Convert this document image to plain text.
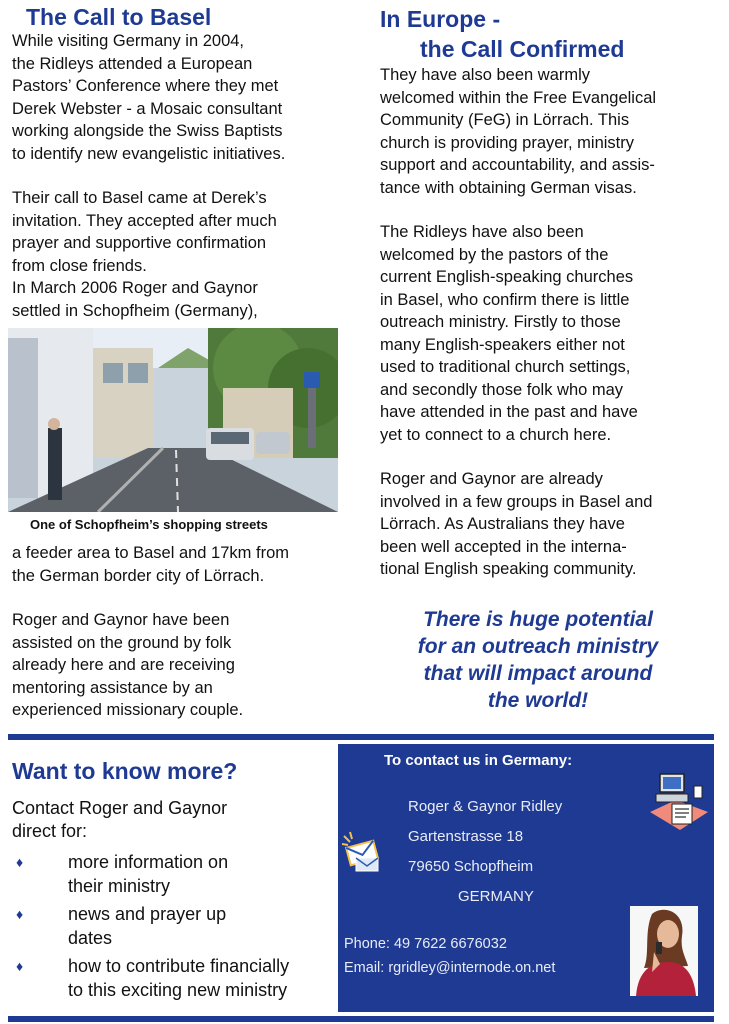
The Call to Basel

While visiting Germany in 2004,
the Ridleys attended a European
Pastors’ Conference where they met
Derek Webster - a Mosaic consultant
working alongside the Swiss Baptists
to identify new evangelistic initiatives.

Their call to Basel came at Derek’s
invitation. They accepted after much
prayer and supportive confirmation
from close friends.
In March 2006 Roger and Gaynor
settled in Schopfheim (Germany),

One of Schopfheim’s shopping streets

a feeder area to Basel and 17km from
the German border city of Lörrach.

Roger and Gaynor have been
assisted on the ground by folk
already here and are receiving
mentoring assistance by an
experienced missionary couple.

In Europe -
the Call Confirmed

They have also been warmly
welcomed within the Free Evangelical
Community (FeG) in Lörrach. This
church is providing prayer, ministry
support and accountability, and assis-
tance with obtaining German visas.

The Ridleys have also been
welcomed by the pastors of the
current English-speaking churches
in Basel, who confirm there is little
outreach ministry. Firstly to those
many English-speakers either not
used to traditional church settings,
and secondly those folk who may
have attended in the past and have
yet to connect to a church here.

Roger and Gaynor are already
involved in a few groups in Basel and
Lörrach. As Australians they have
been well accepted in the interna-
tional English speaking community.

There is huge potential
for an outreach ministry
that will impact around
the world!
Want to know more?

Contact Roger and Gaynor
direct for:

♦ more information on
their ministry
♦ news and prayer up
dates
♦ how to contribute financially
to this exciting new ministry
To contact us in Germany:
Roger & Gaynor Ridley
Gartenstrasse 18
79650 Schopfheim

GERMANY
Phone: 49 7622 6676032
Email: rgridley@internode.on.net
